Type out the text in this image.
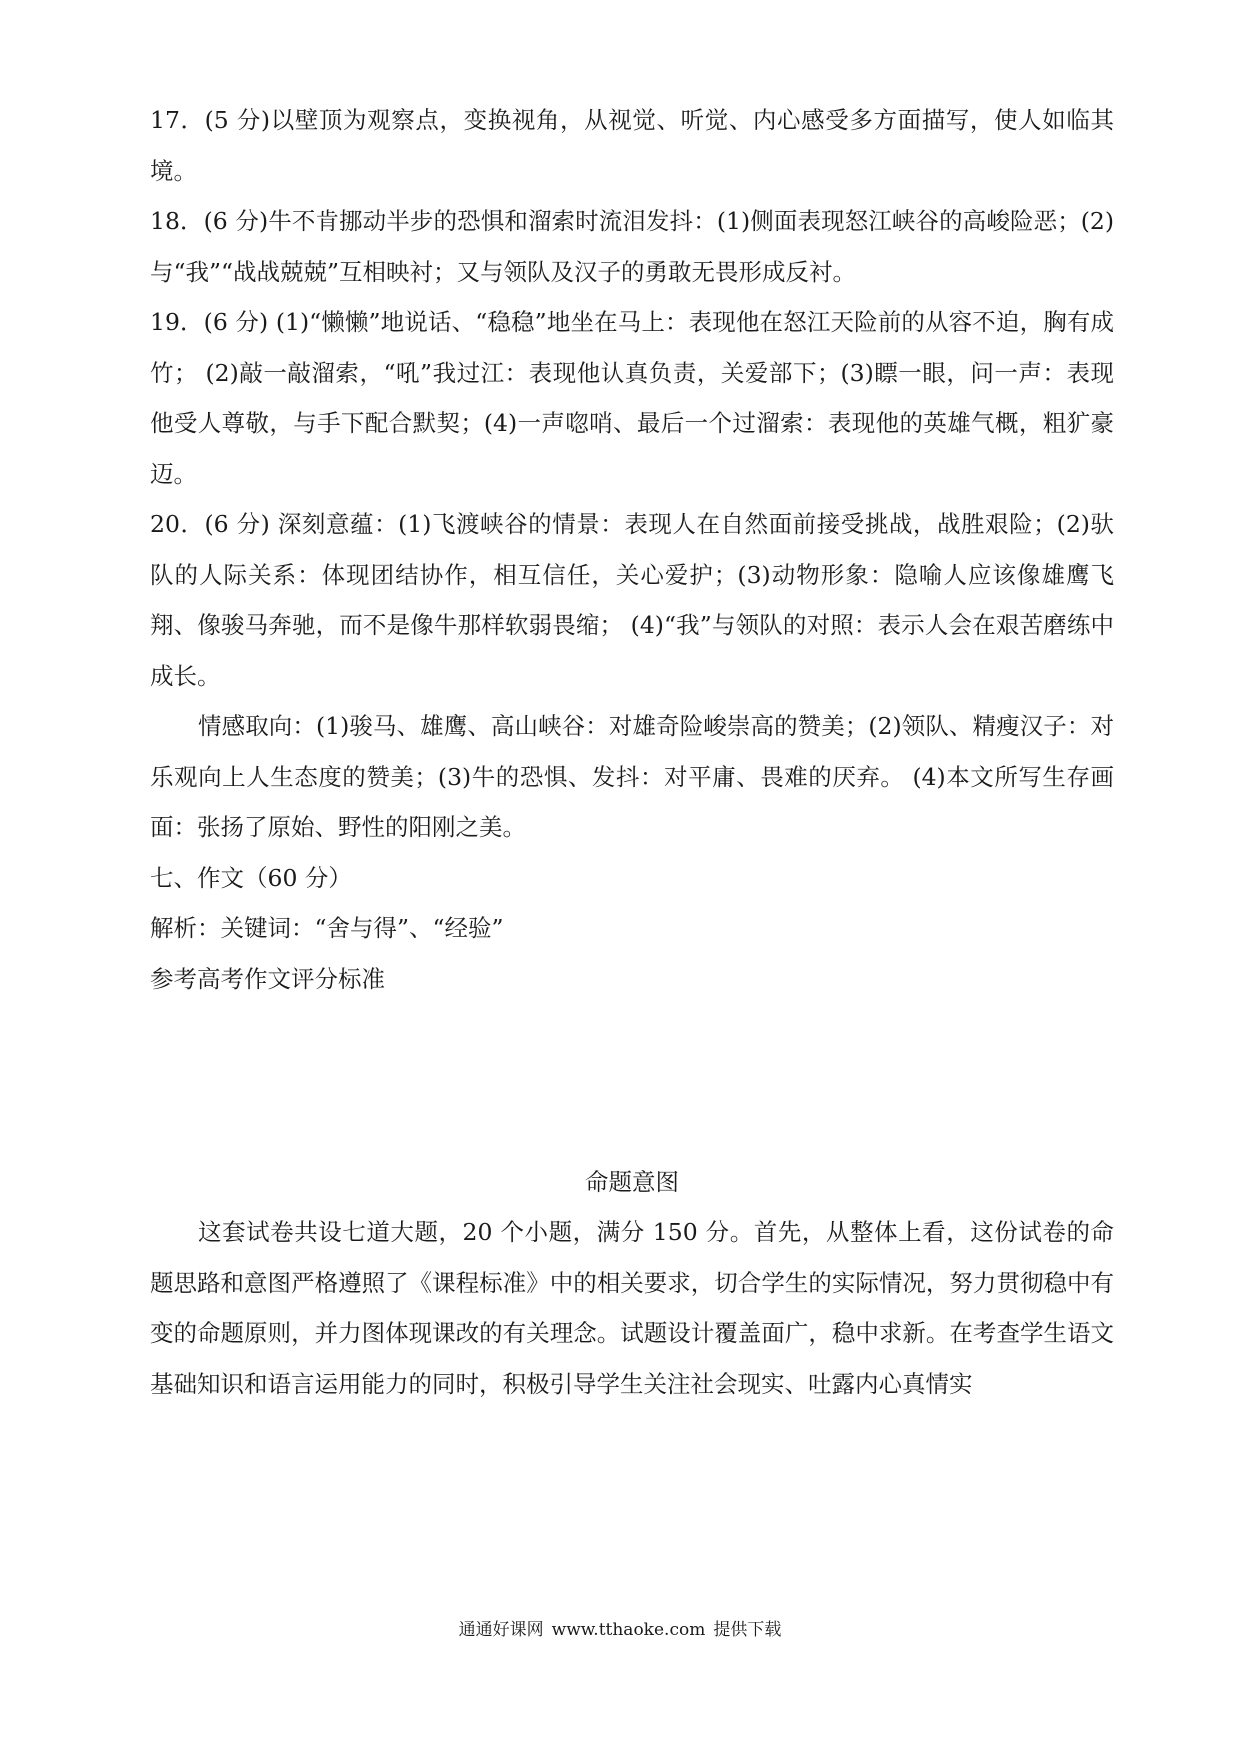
17．(5 分)以壁顶为观察点，变换视角，从视觉、听觉、内心感受多方面描写，使人如临其境。

18．(6 分)牛不肯挪动半步的恐惧和溜索时流泪发抖：(1)侧面表现怒江峡谷的高峻险恶；(2)与“我”“战战兢兢”互相映衬；又与领队及汉子的勇敢无畏形成反衬。

19．(6 分) (1)“懒懒”地说话、“稳稳”地坐在马上：表现他在怒江天险前的从容不迫，胸有成竹； (2)敲一敲溜索，“吼”我过江：表现他认真负责，关爱部下；(3)瞟一眼，问一声：表现他受人尊敬，与手下配合默契；(4)一声唿哨、最后一个过溜索：表现他的英雄气概，粗犷豪迈。

20．(6 分) 深刻意蕴：(1)飞渡峡谷的情景：表现人在自然面前接受挑战，战胜艰险；(2)驮队的人际关系：体现团结协作，相互信任，关心爱护；(3)动物形象：隐喻人应该像雄鹰飞翔、像骏马奔驰，而不是像牛那样软弱畏缩； (4)“我”与领队的对照：表示人会在艰苦磨练中成长。

情感取向：(1)骏马、雄鹰、高山峡谷：对雄奇险峻崇高的赞美；(2)领队、精瘦汉子：对乐观向上人生态度的赞美；(3)牛的恐惧、发抖：对平庸、畏难的厌弃。 (4)本文所写生存画面：张扬了原始、野性的阳刚之美。

七、作文（60 分）

解析：关键词：“舍与得”、“经验”

参考高考作文评分标准

命题意图

这套试卷共设七道大题，20 个小题，满分 150 分。首先，从整体上看，这份试卷的命题思路和意图严格遵照了《课程标准》中的相关要求，切合学生的实际情况，努力贯彻稳中有变的命题原则，并力图体现课改的有关理念。试题设计覆盖面广，稳中求新。在考查学生语文基础知识和语言运用能力的同时，积极引导学生关注社会现实、吐露内心真情实

通通好课网 www.tthaoke.com 提供下载
